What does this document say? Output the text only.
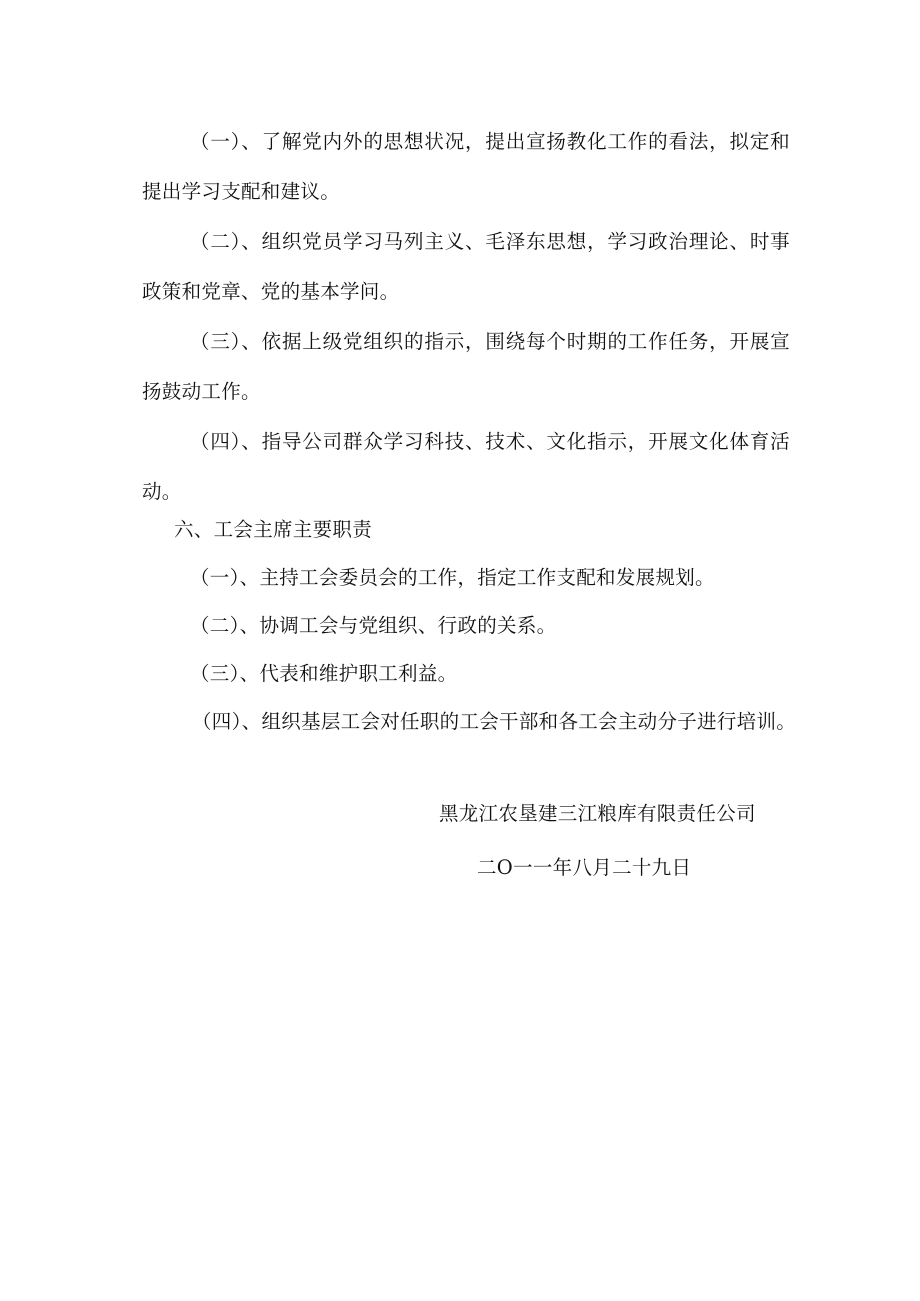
（一）、了解党内外的思想状况，提出宣扬教化工作的看法，拟定和提出学习支配和建议。

（二）、组织党员学习马列主义、毛泽东思想，学习政治理论、时事政策和党章、党的基本学问。

（三）、依据上级党组织的指示，围绕每个时期的工作任务，开展宣扬鼓动工作。

（四）、指导公司群众学习科技、技术、文化指示，开展文化体育活动。

六、工会主席主要职责

（一）、主持工会委员会的工作，指定工作支配和发展规划。

（二）、协调工会与党组织、行政的关系。

（三）、代表和维护职工利益。

（四）、组织基层工会对任职的工会干部和各工会主动分子进行培训。

黑龙江农垦建三江粮库有限责任公司

二O一一年八月二十九日
